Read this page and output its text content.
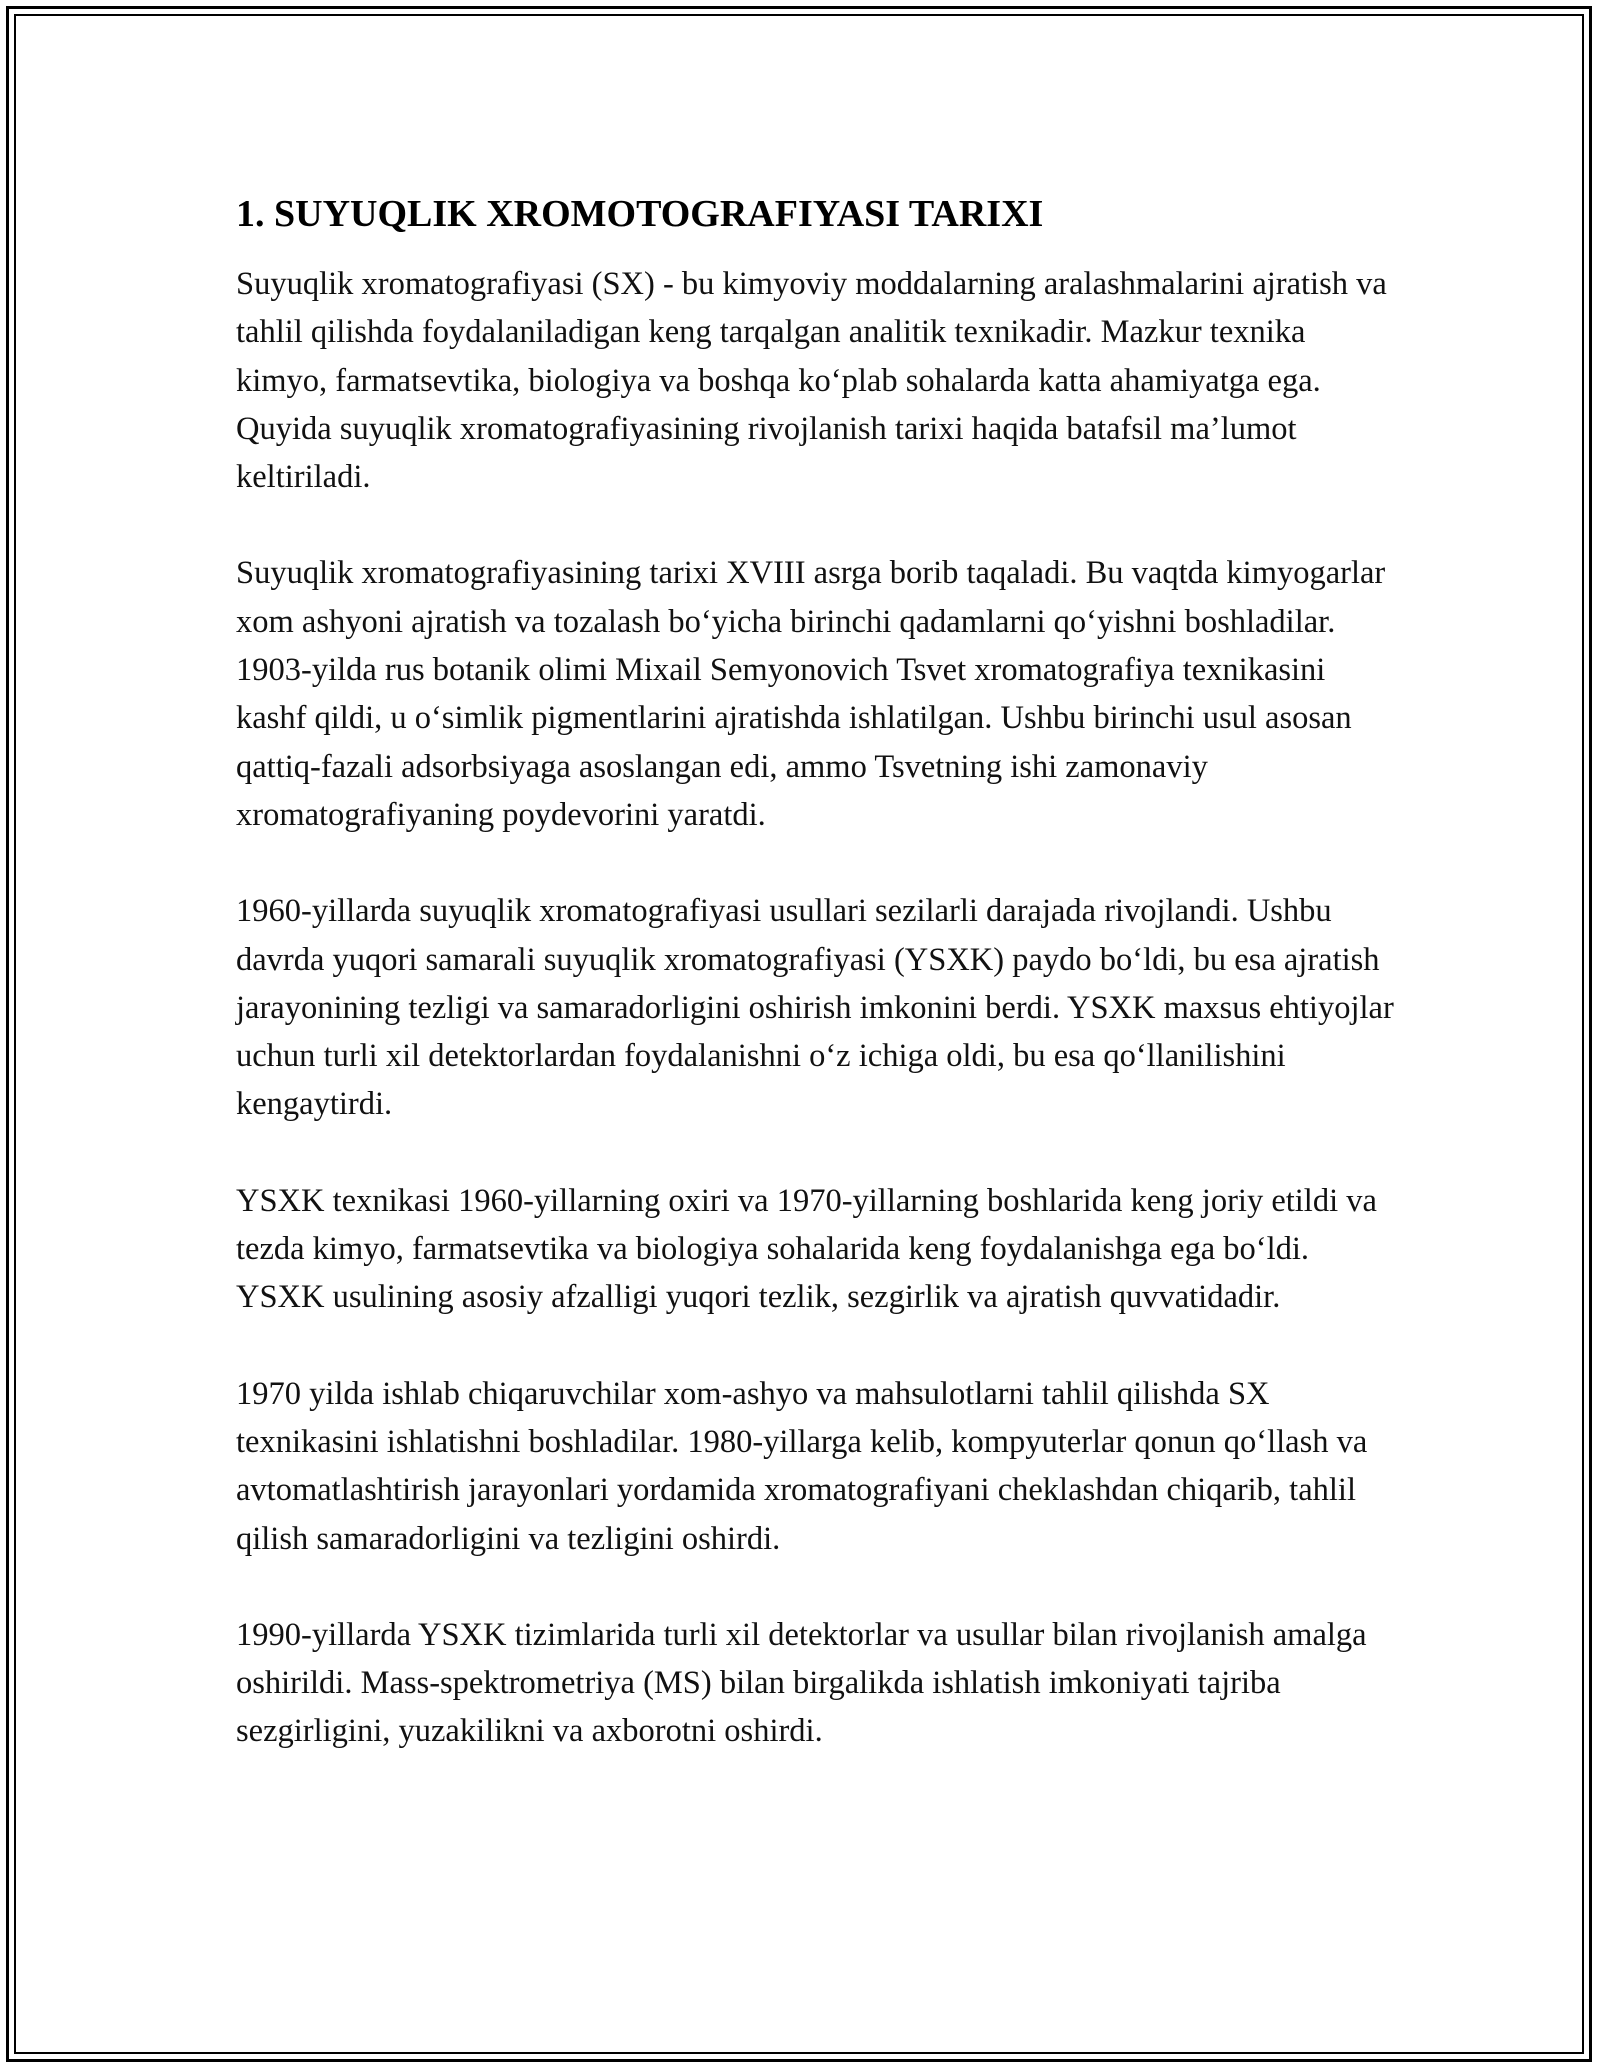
1. SUYUQLIK XROMOTOGRAFIYASI TARIXI

Suyuqlik xromatografiyasi (SX) - bu kimyoviy moddalarning aralashmalarini ajratish va tahlil qilishda foydalaniladigan keng tarqalgan analitik texnikadir. Mazkur texnika kimyo, farmatsevtika, biologiya va boshqa ko‘plab sohalarda katta ahamiyatga ega. Quyida suyuqlik xromatografiyasining rivojlanish tarixi haqida batafsil ma’lumot keltiriladi.

Suyuqlik xromatografiyasining tarixi XVIII asrga borib taqaladi. Bu vaqtda kimyogarlar xom ashyoni ajratish va tozalash bo‘yicha birinchi qadamlarni qo‘yishni boshladilar. 1903-yilda rus botanik olimi Mixail Semyonovich Tsvet xromatografiya texnikasini kashf qildi, u o‘simlik pigmentlarini ajratishda ishlatilgan. Ushbu birinchi usul asosan qattiq-fazali adsorbsiyaga asoslangan edi, ammo Tsvetning ishi zamonaviy xromatografiyaning poydevorini yaratdi.

1960-yillarda suyuqlik xromatografiyasi usullari sezilarli darajada rivojlandi. Ushbu davrda yuqori samarali suyuqlik xromatografiyasi (YSXK) paydo bo‘ldi, bu esa ajratish jarayonining tezligi va samaradorligini oshirish imkonini berdi. YSXK maxsus ehtiyojlar uchun turli xil detektorlardan foydalanishni o‘z ichiga oldi, bu esa qo‘llanilishini kengaytirdi.

YSXK texnikasi 1960-yillarning oxiri va 1970-yillarning boshlarida keng joriy etildi va tezda kimyo, farmatsevtika va biologiya sohalarida keng foydalanishga ega bo‘ldi. YSXK usulining asosiy afzalligi yuqori tezlik, sezgirlik va ajratish quvvatidadir.

1970 yilda ishlab chiqaruvchilar xom-ashyo va mahsulotlarni tahlil qilishda SX texnikasini ishlatishni boshladilar. 1980-yillarga kelib, kompyuterlar qonun qo‘llash va avtomatlashtirish jarayonlari yordamida xromatografiyani cheklashdan chiqarib, tahlil qilish samaradorligini va tezligini oshirdi.

1990-yillarda YSXK tizimlarida turli xil detektorlar va usullar bilan rivojlanish amalga oshirildi. Mass-spektrometriya (MS) bilan birgalikda ishlatish imkoniyati tajriba sezgirligini, yuzakilikni va axborotni oshirdi.
